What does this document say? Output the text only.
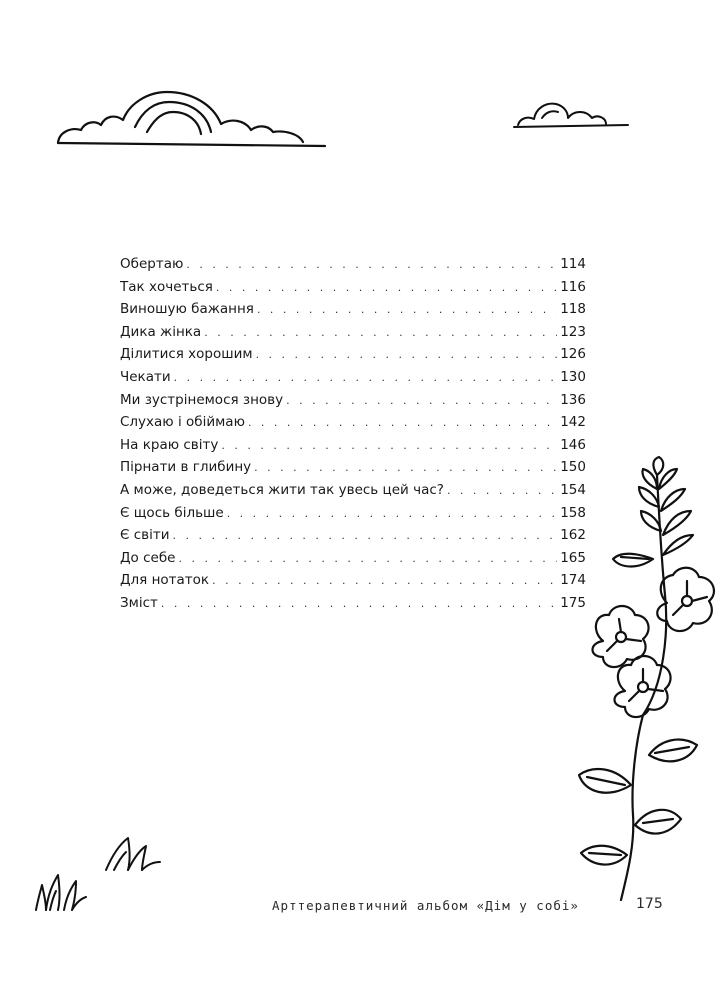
Обертаю . . .	114
Так хочеться . . .	116
Виношую бажання . . .	118
Дика жінка . . .	123
Ділитися хорошим . . .	126
Чекати . . .	130
Ми зустрінемося знову . . .	136
Слухаю і обіймаю . . .	142
На краю світу . . .	146
Пірнати в глибину . . .	150
А може, доведеться жити так увесь цей час? . . .	154
Є щось більше . . .	158
Є світи . . .	162
До себе . . .	165
Для нотаток . . .	174
Зміст . . .	175
Арттерапевтичний альбом «Дім у собі»	175
